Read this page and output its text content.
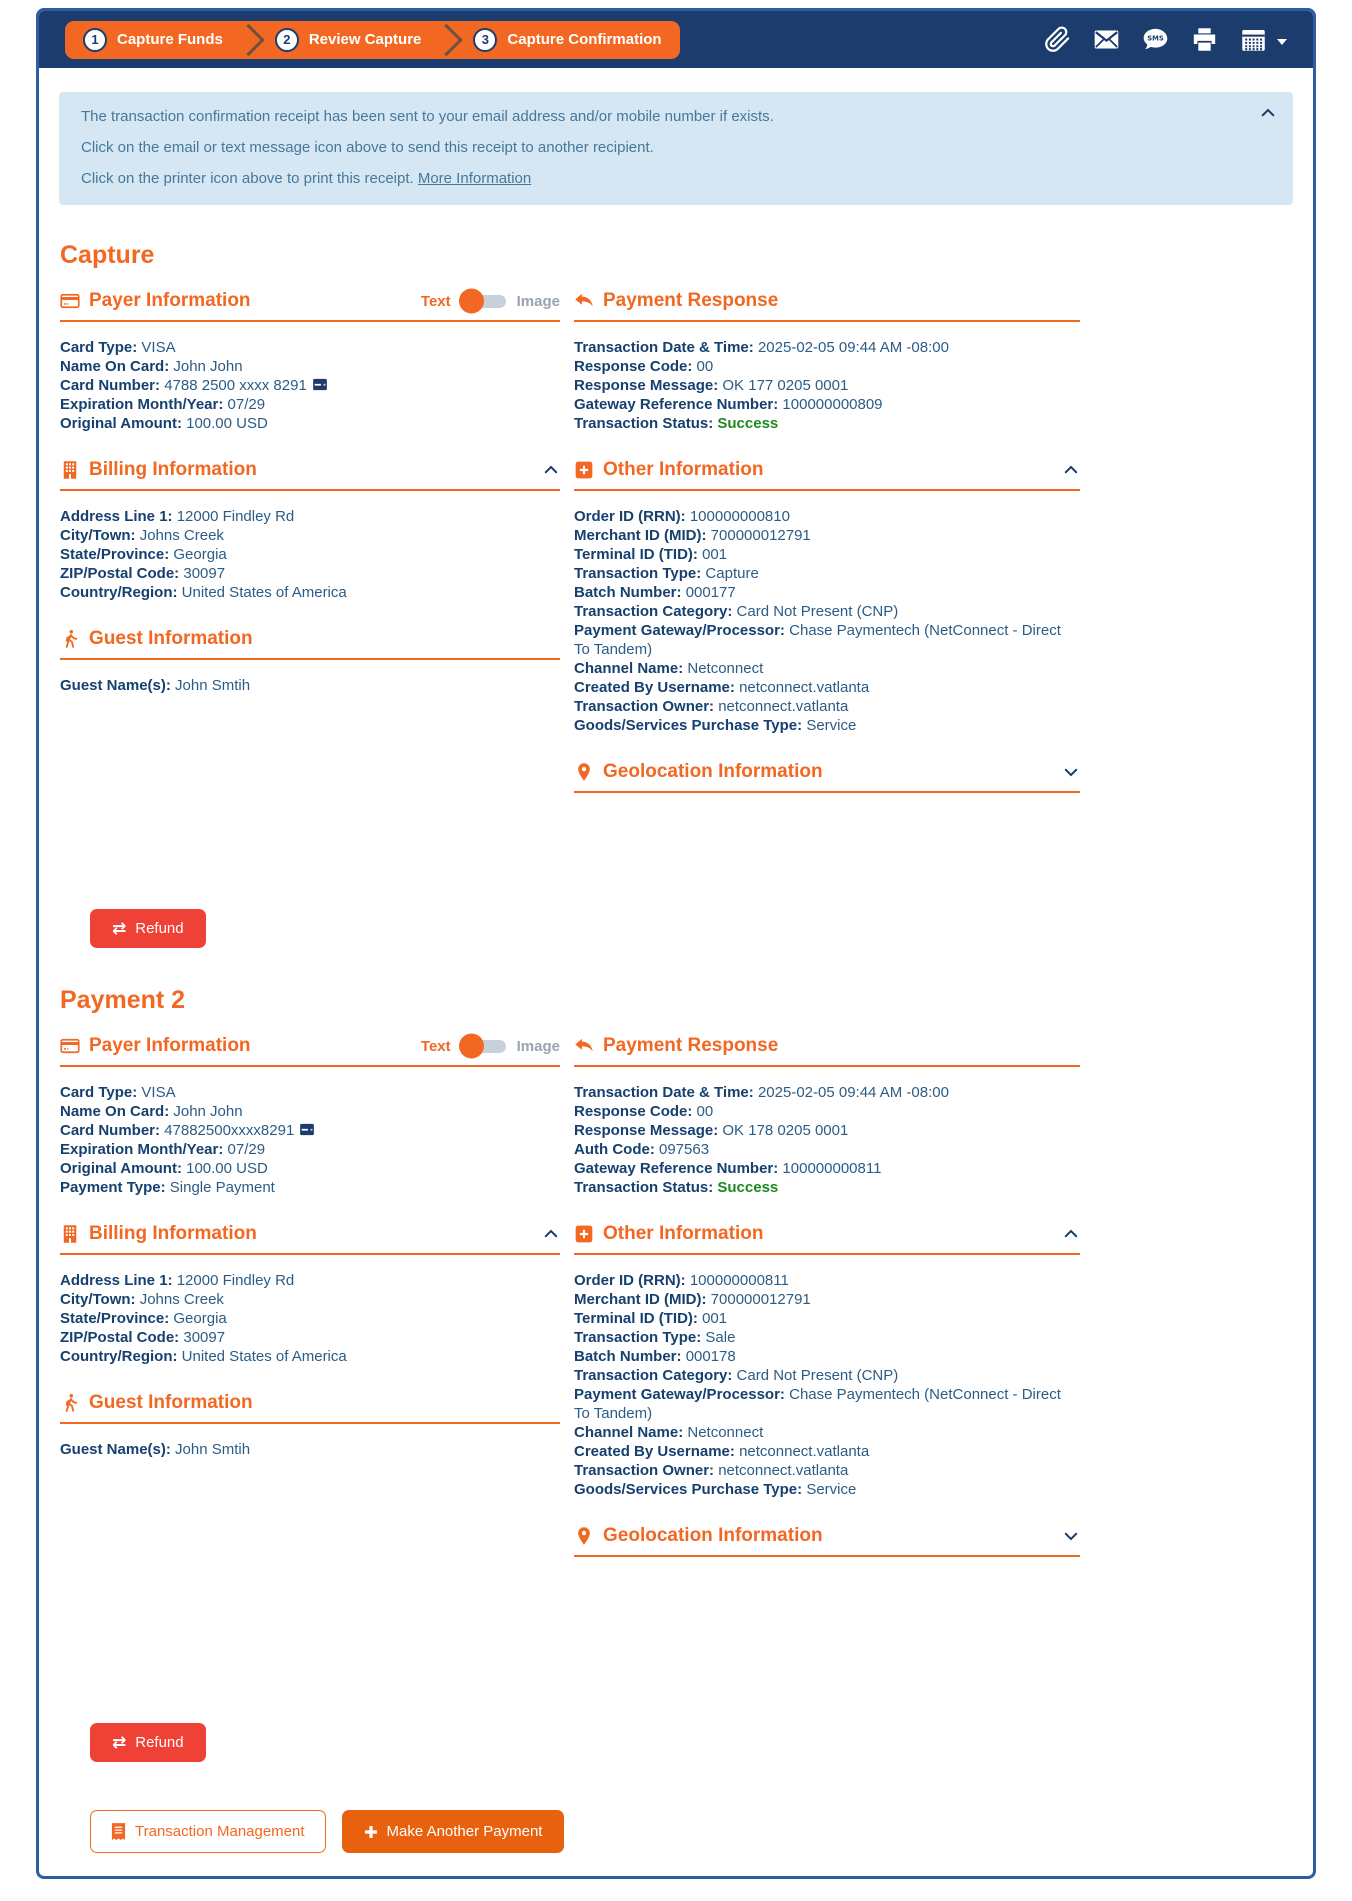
1	Capture Funds	2	Review Capture	3	Capture Confirmation	SMS

The transaction confirmation receipt has been sent to your email address and/or mobile number if exists.

Click on the email or text message icon above to send this receipt to another recipient.

Click on the printer icon above to print this receipt. More Information

Capture
Payer Information	Text	Image
Card Type: VISA
Name On Card: John John
Card Number: 4788 2500 xxxx 8291
Expiration Month/Year: 07/29
Original Amount: 100.00 USD
Billing Information
Address Line 1: 12000 Findley Rd
City/Town: Johns Creek
State/Province: Georgia
ZIP/Postal Code: 30097
Country/Region: United States of America
Guest Information
Guest Name(s): John Smtih
Payment Response
Transaction Date & Time: 2025-02-05 09:44 AM -08:00
Response Code: 00
Response Message: OK 177 0205 0001
Gateway Reference Number: 100000000809
Transaction Status: Success
Other Information
Order ID (RRN): 100000000810
Merchant ID (MID): 700000012791
Terminal ID (TID): 001
Transaction Type: Capture
Batch Number: 000177
Transaction Category: Card Not Present (CNP)
Payment Gateway/Processor: Chase Paymentech (NetConnect - Direct To Tandem)
Channel Name: Netconnect
Created By Username: netconnect.vatlanta
Transaction Owner: netconnect.vatlanta
Goods/Services Purchase Type: Service
Geolocation Information
⇄ Refund
Payment 2
Payer Information	Text	Image
Card Type: VISA
Name On Card: John John
Card Number: 47882500xxxx8291
Expiration Month/Year: 07/29
Original Amount: 100.00 USD
Payment Type: Single Payment
Billing Information
Address Line 1: 12000 Findley Rd
City/Town: Johns Creek
State/Province: Georgia
ZIP/Postal Code: 30097
Country/Region: United States of America
Guest Information
Guest Name(s): John Smtih
Payment Response
Transaction Date & Time: 2025-02-05 09:44 AM -08:00
Response Code: 00
Response Message: OK 178 0205 0001
Auth Code: 097563
Gateway Reference Number: 100000000811
Transaction Status: Success
Other Information
Order ID (RRN): 100000000811
Merchant ID (MID): 700000012791
Terminal ID (TID): 001
Transaction Type: Sale
Batch Number: 000178
Transaction Category: Card Not Present (CNP)
Payment Gateway/Processor: Chase Paymentech (NetConnect - Direct To Tandem)
Channel Name: Netconnect
Created By Username: netconnect.vatlanta
Transaction Owner: netconnect.vatlanta
Goods/Services Purchase Type: Service
Geolocation Information
⇄ Refund
Transaction Management	Make Another Payment
